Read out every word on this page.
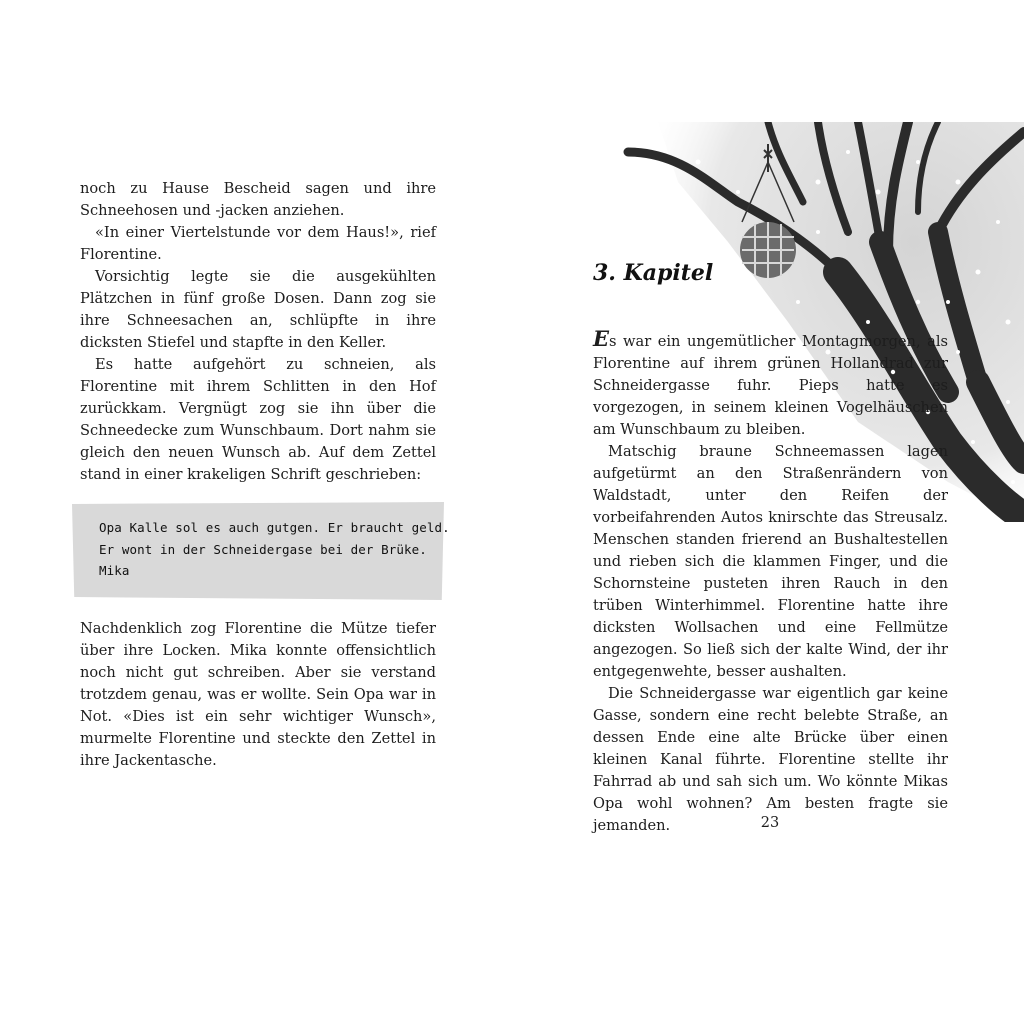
noch zu Hause Bescheid sagen und ihre Schneehosen und -jacken anziehen.

«In einer Viertelstunde vor dem Haus!», rief Florentine.

Vorsichtig legte sie die ausgekühlten Plätzchen in fünf große Dosen. Dann zog sie ihre Schneesachen an, schlüpfte in ihre dicksten Stiefel und stapfte in den Keller.

Es hatte aufgehört zu schneien, als Florentine mit ihrem Schlitten in den Hof zurückkam. Vergnügt zog sie ihn über die Schneedecke zum Wunschbaum. Dort nahm sie gleich den neuen Wunsch ab. Auf dem Zettel stand in einer krakeligen Schrift geschrieben:

Opa Kalle sol es auch gutgen. Er braucht geld.
Er wont in der Schneidergase bei der Brüke.
Mika

Nachdenklich zog Florentine die Mütze tiefer über ihre Locken. Mika konnte offensichtlich noch nicht gut schreiben. Aber sie verstand trotzdem genau, was er wollte. Sein Opa war in Not. «Dies ist ein sehr wichtiger Wunsch», murmelte Florentine und steckte den Zettel in ihre Jackentasche.

3. Kapitel

Es war ein ungemütlicher Montagmorgen, als Florentine auf ihrem grünen Hollandrad zur Schneidergasse fuhr. Pieps hatte es vorgezogen, in seinem kleinen Vogelhäuschen am Wunschbaum zu bleiben.

Matschig braune Schneemassen lagen aufgetürmt an den Straßenrändern von Waldstadt, unter den Reifen der vorbeifahrenden Autos knirschte das Streusalz. Menschen standen frierend an Bushaltestellen und rieben sich die klammen Finger, und die Schornsteine pusteten ihren Rauch in den trüben Winterhimmel. Florentine hatte ihre dicksten Wollsachen und eine Fellmütze angezogen. So ließ sich der kalte Wind, der ihr entgegenwehte, besser aushalten.

Die Schneidergasse war eigentlich gar keine Gasse, sondern eine recht belebte Straße, an dessen Ende eine alte Brücke über einen kleinen Kanal führte. Florentine stellte ihr Fahrrad ab und sah sich um. Wo könnte Mikas Opa wohl wohnen? Am besten fragte sie jemanden.	23
